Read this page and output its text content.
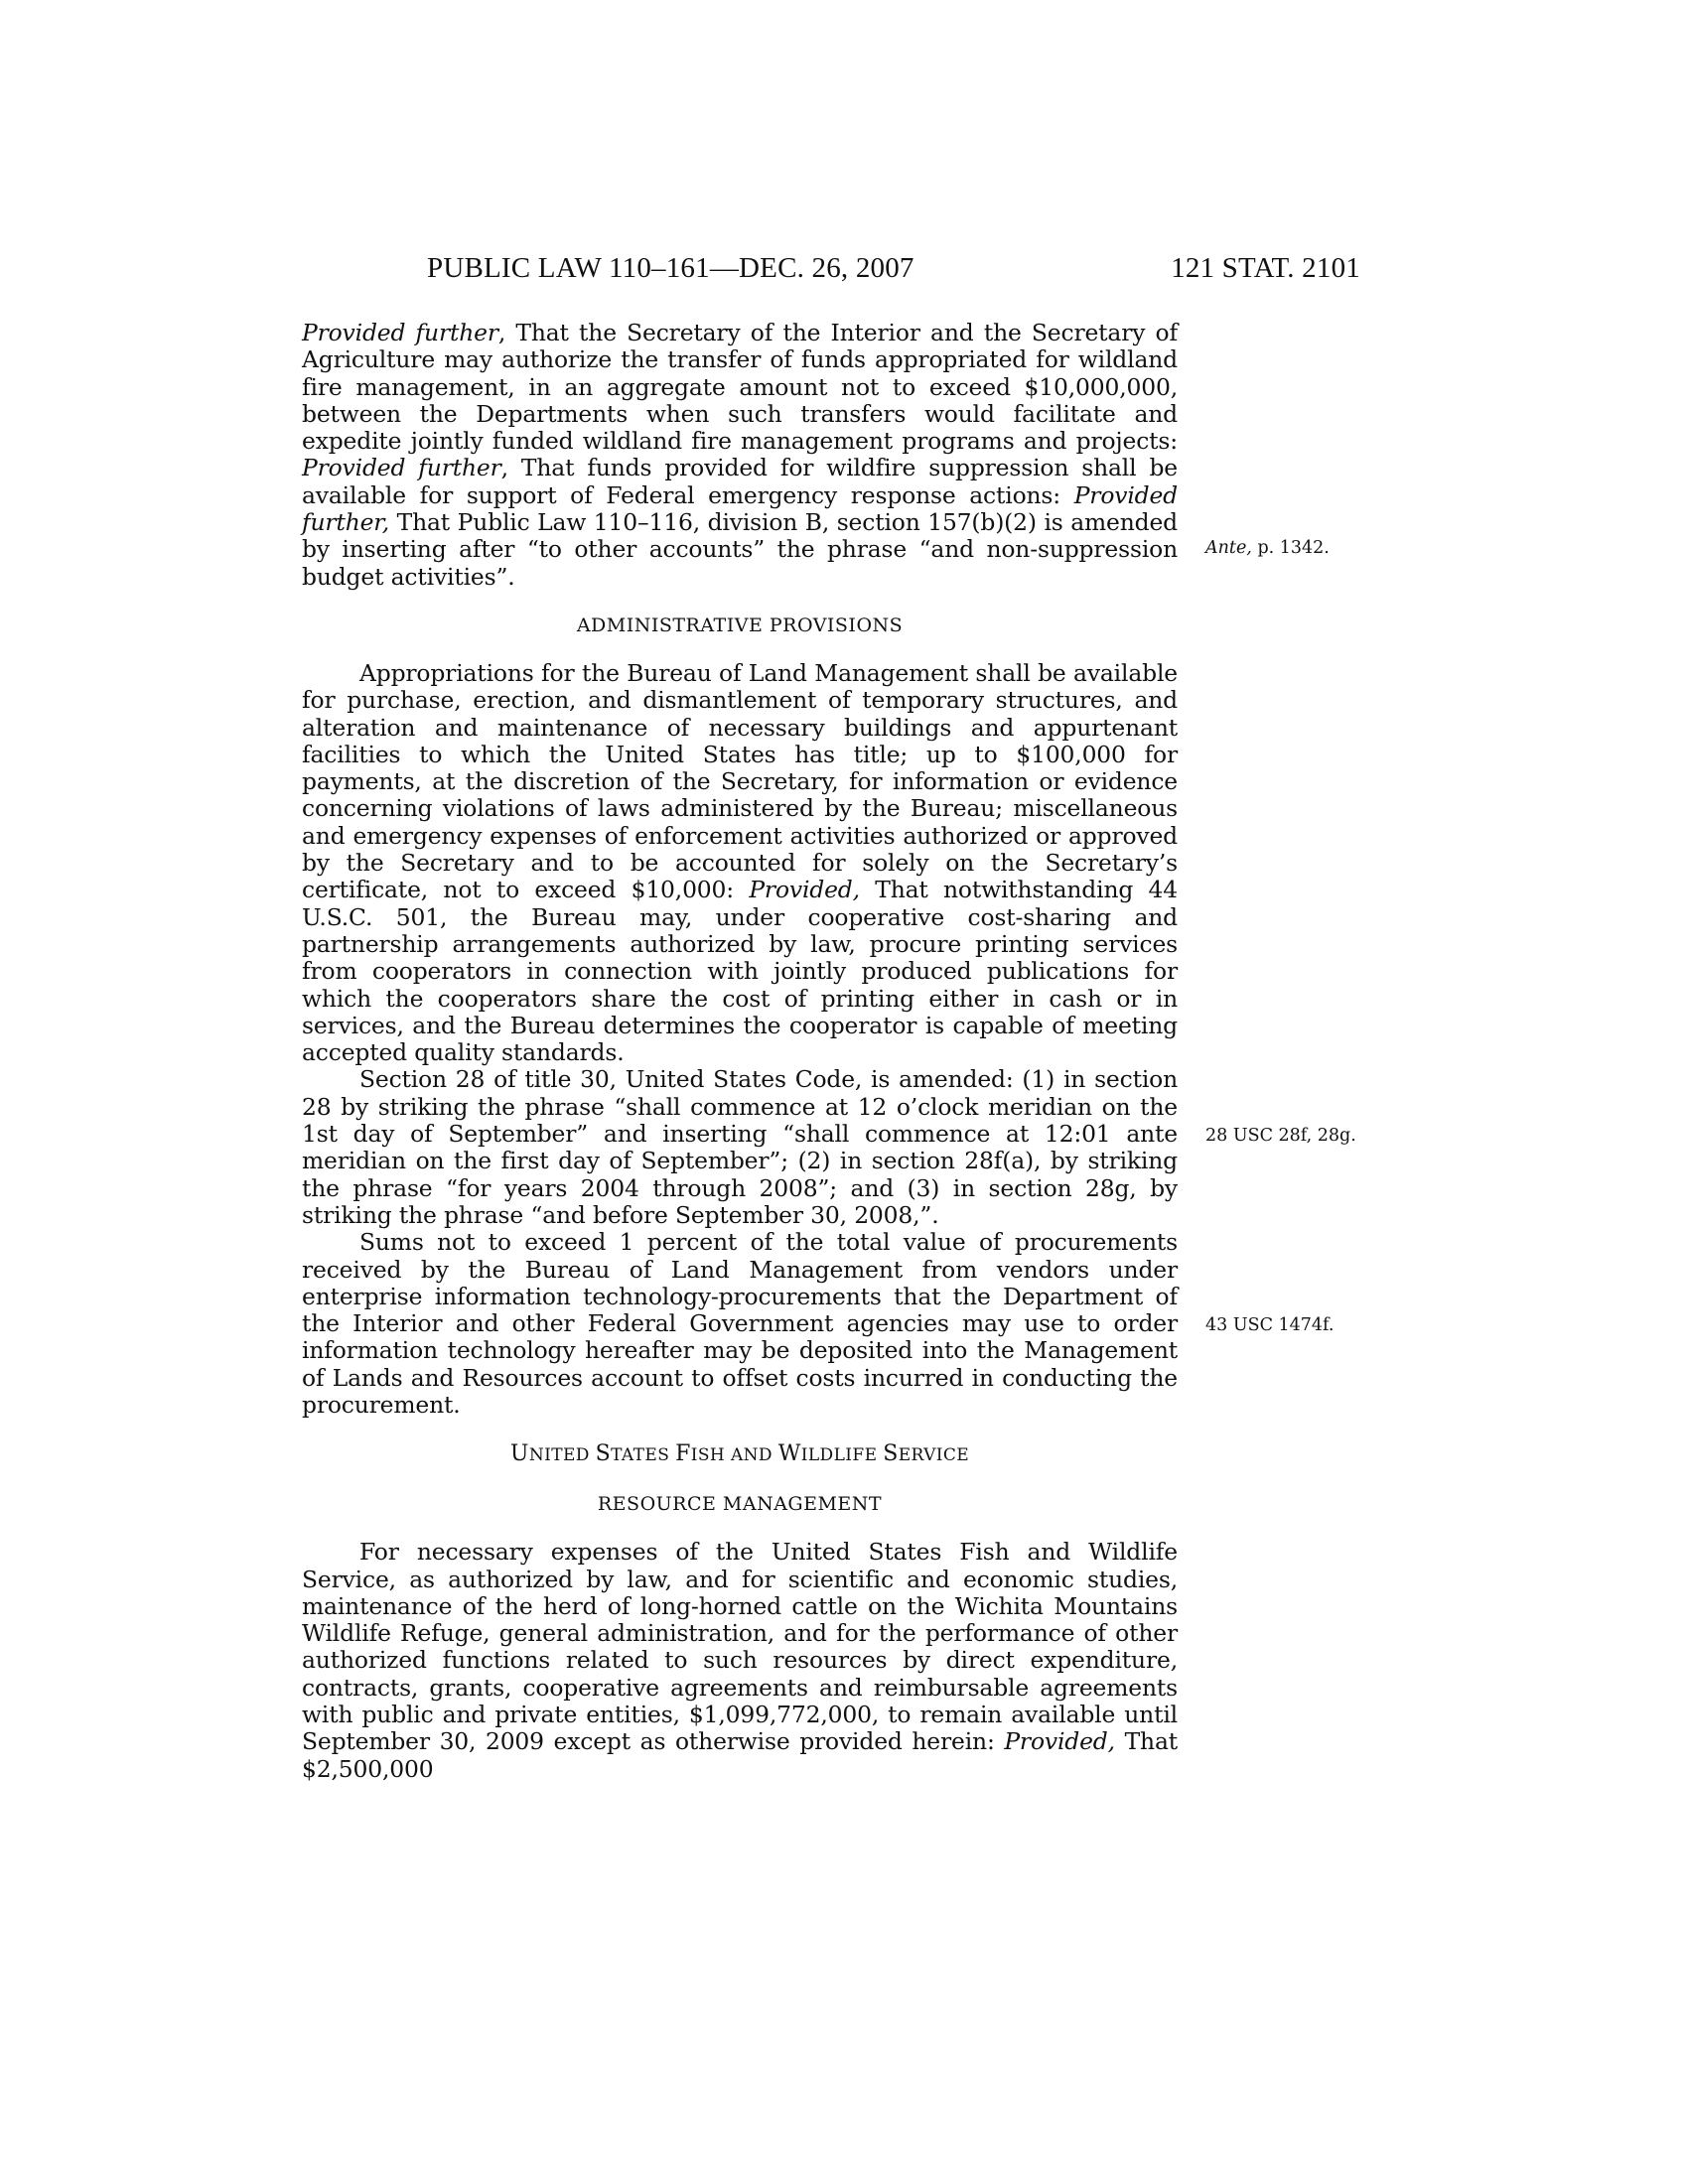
PUBLIC LAW 110–161—DEC. 26, 2007	121 STAT. 2101

Provided further, That the Secretary of the Interior and the Secretary of Agriculture may authorize the transfer of funds appropriated for wildland fire management, in an aggregate amount not to exceed $10,000,000, between the Departments when such transfers would facilitate and expedite jointly funded wildland fire management programs and projects: Provided further, That funds provided for wildfire suppression shall be available for support of Federal emergency response actions: Provided further, That Public Law 110–116, division B, section 157(b)(2) is amended by inserting after “to other accounts” the phrase “and non-suppression budget activities”.

ADMINISTRATIVE PROVISIONS

Appropriations for the Bureau of Land Management shall be available for purchase, erection, and dismantlement of temporary structures, and alteration and maintenance of necessary buildings and appurtenant facilities to which the United States has title; up to $100,000 for payments, at the discretion of the Secretary, for information or evidence concerning violations of laws administered by the Bureau; miscellaneous and emergency expenses of enforcement activities authorized or approved by the Secretary and to be accounted for solely on the Secretary’s certificate, not to exceed $10,000: Provided, That notwithstanding 44 U.S.C. 501, the Bureau may, under cooperative cost-sharing and partnership arrangements authorized by law, procure printing services from cooperators in connection with jointly produced publications for which the cooperators share the cost of printing either in cash or in services, and the Bureau determines the cooperator is capable of meeting accepted quality standards.

Section 28 of title 30, United States Code, is amended: (1) in section 28 by striking the phrase “shall commence at 12 o’clock meridian on the 1st day of September” and inserting “shall commence at 12:01 ante meridian on the first day of September”; (2) in section 28f(a), by striking the phrase “for years 2004 through 2008”; and (3) in section 28g, by striking the phrase “and before September 30, 2008,”.

Sums not to exceed 1 percent of the total value of procurements received by the Bureau of Land Management from vendors under enterprise information technology-procurements that the Department of the Interior and other Federal Government agencies may use to order information technology hereafter may be deposited into the Management of Lands and Resources account to offset costs incurred in conducting the procurement.

UNITED STATES FISH AND WILDLIFE SERVICE
RESOURCE MANAGEMENT

For necessary expenses of the United States Fish and Wildlife Service, as authorized by law, and for scientific and economic studies, maintenance of the herd of long-horned cattle on the Wichita Mountains Wildlife Refuge, general administration, and for the performance of other authorized functions related to such resources by direct expenditure, contracts, grants, cooperative agreements and reimbursable agreements with public and private entities, $1,099,772,000, to remain available until September 30, 2009 except as otherwise provided herein: Provided, That $2,500,000

Ante, p. 1342.
28 USC 28f, 28g.
43 USC 1474f.
